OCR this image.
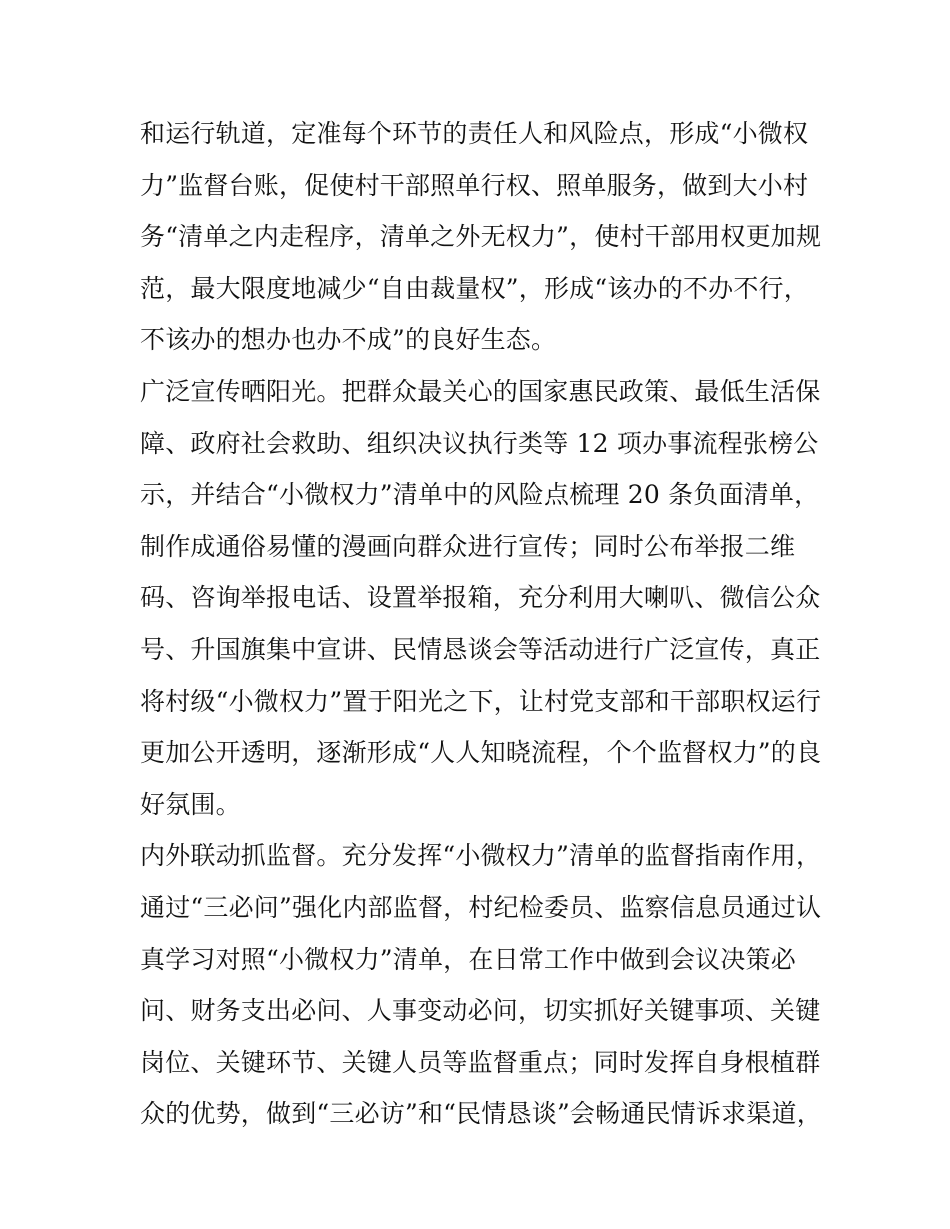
和运行轨道，定准每个环节的责任人和风险点，形成“小微权
力”监督台账，促使村干部照单行权、照单服务，做到大小村
务“清单之内走程序，清单之外无权力”，使村干部用权更加规
范，最大限度地减少“自由裁量权”，形成“该办的不办不行，
不该办的想办也办不成”的良好生态。
广泛宣传晒阳光。把群众最关心的国家惠民政策、最低生活保
障、政府社会救助、组织决议执行类等 12 项办事流程张榜公
示，并结合“小微权力”清单中的风险点梳理 20 条负面清单，
制作成通俗易懂的漫画向群众进行宣传；同时公布举报二维
码、咨询举报电话、设置举报箱，充分利用大喇叭、微信公众
号、升国旗集中宣讲、民情恳谈会等活动进行广泛宣传，真正
将村级“小微权力”置于阳光之下，让村党支部和干部职权运行
更加公开透明，逐渐形成“人人知晓流程，个个监督权力”的良
好氛围。
内外联动抓监督。充分发挥“小微权力”清单的监督指南作用，
通过“三必问”强化内部监督，村纪检委员、监察信息员通过认
真学习对照“小微权力”清单，在日常工作中做到会议决策必
问、财务支出必问、人事变动必问，切实抓好关键事项、关键
岗位、关键环节、关键人员等监督重点；同时发挥自身根植群
众的优势，做到“三必访”和“民情恳谈”会畅通民情诉求渠道，
